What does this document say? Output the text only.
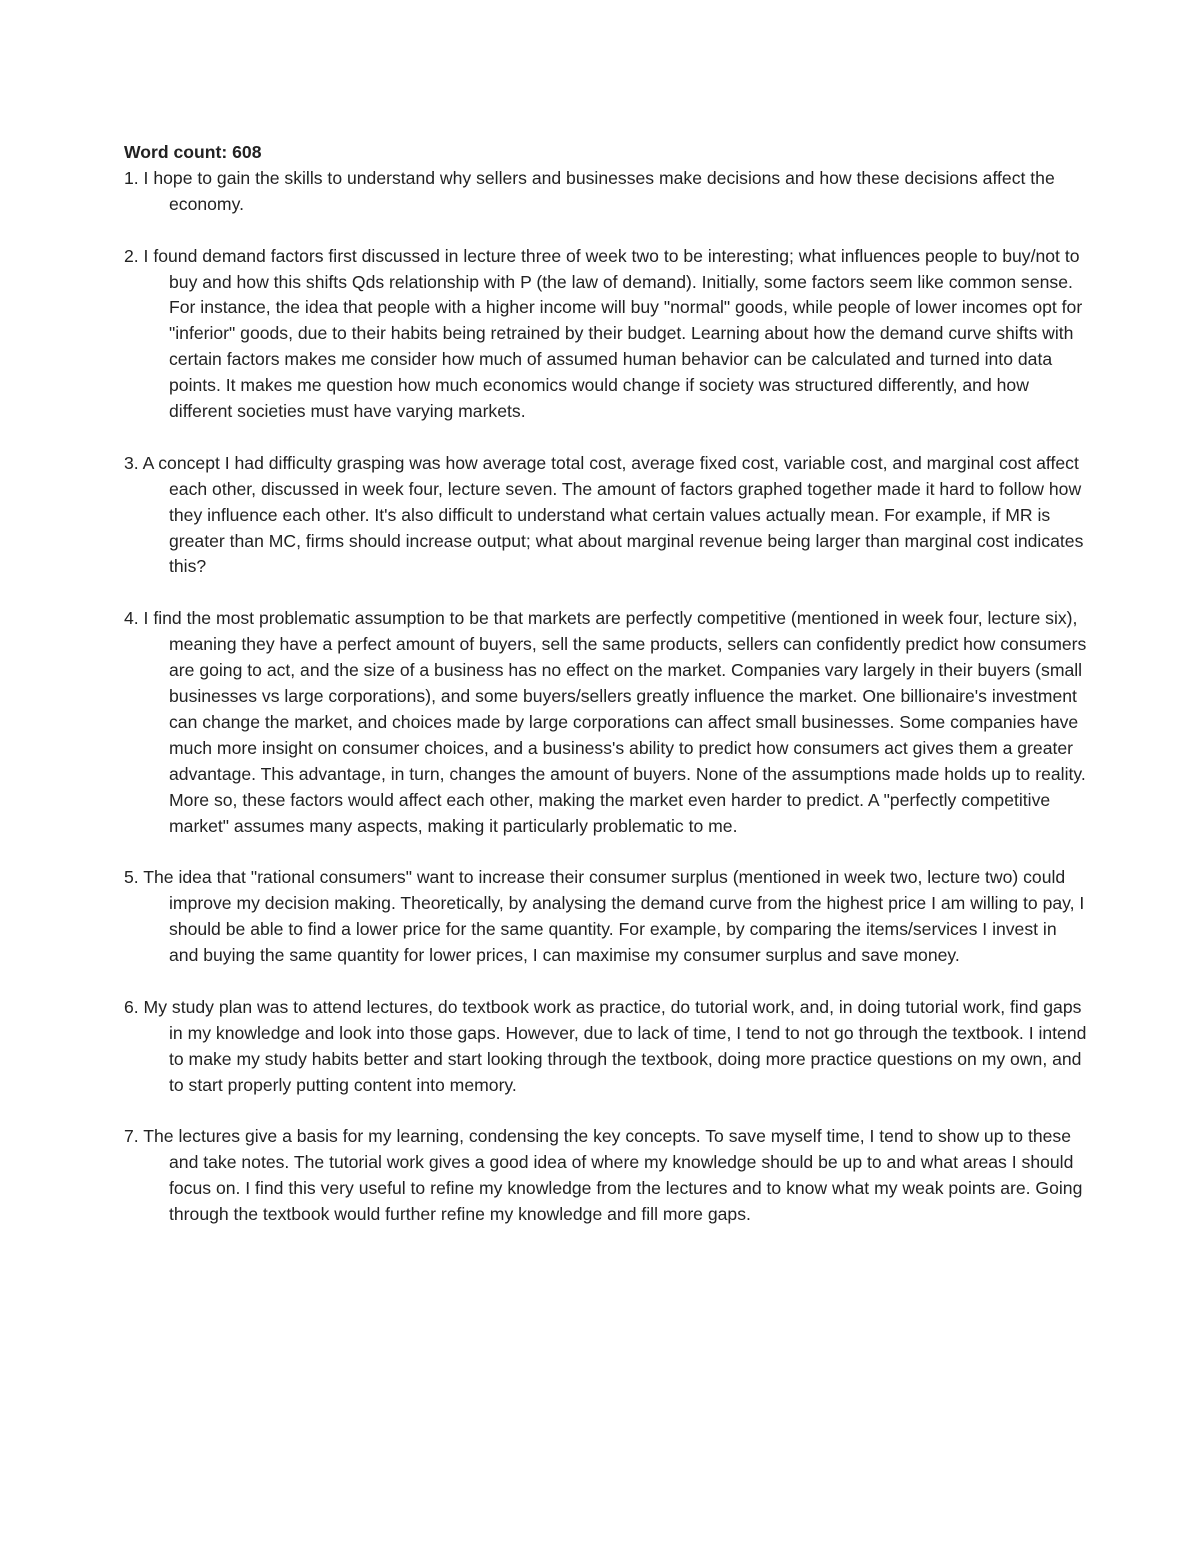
Word count: 608

1. I hope to gain the skills to understand why sellers and businesses make decisions and how these decisions affect the economy.

2. I found demand factors first discussed in lecture three of week two to be interesting; what influences people to buy/not to buy and how this shifts Qds relationship with P (the law of demand). Initially, some factors seem like common sense. For instance, the idea that people with a higher income will buy "normal" goods, while people of lower incomes opt for "inferior" goods, due to their habits being retrained by their budget. Learning about how the demand curve shifts with certain factors makes me consider how much of assumed human behavior can be calculated and turned into data points. It makes me question how much economics would change if society was structured differently, and how different societies must have varying markets.

3. A concept I had difficulty grasping was how average total cost, average fixed cost, variable cost, and marginal cost affect each other, discussed in week four, lecture seven. The amount of factors graphed together made it hard to follow how they influence each other. It's also difficult to understand what certain values actually mean. For example, if MR is greater than MC, firms should increase output; what about marginal revenue being larger than marginal cost indicates this?

4. I find the most problematic assumption to be that markets are perfectly competitive (mentioned in week four, lecture six), meaning they have a perfect amount of buyers, sell the same products, sellers can confidently predict how consumers are going to act, and the size of a business has no effect on the market. Companies vary largely in their buyers (small businesses vs large corporations), and some buyers/sellers greatly influence the market. One billionaire's investment can change the market, and choices made by large corporations can affect small businesses. Some companies have much more insight on consumer choices, and a business's ability to predict how consumers act gives them a greater advantage. This advantage, in turn, changes the amount of buyers. None of the assumptions made holds up to reality. More so, these factors would affect each other, making the market even harder to predict. A "perfectly competitive market" assumes many aspects, making it particularly problematic to me.

5. The idea that "rational consumers" want to increase their consumer surplus (mentioned in week two, lecture two) could improve my decision making. Theoretically, by analysing the demand curve from the highest price I am willing to pay, I should be able to find a lower price for the same quantity. For example, by comparing the items/services I invest in and buying the same quantity for lower prices, I can maximise my consumer surplus and save money.

6. My study plan was to attend lectures, do textbook work as practice, do tutorial work, and, in doing tutorial work, find gaps in my knowledge and look into those gaps. However, due to lack of time, I tend to not go through the textbook. I intend to make my study habits better and start looking through the textbook, doing more practice questions on my own, and to start properly putting content into memory.

7. The lectures give a basis for my learning, condensing the key concepts. To save myself time, I tend to show up to these and take notes. The tutorial work gives a good idea of where my knowledge should be up to and what areas I should focus on. I find this very useful to refine my knowledge from the lectures and to know what my weak points are. Going through the textbook would further refine my knowledge and fill more gaps.
